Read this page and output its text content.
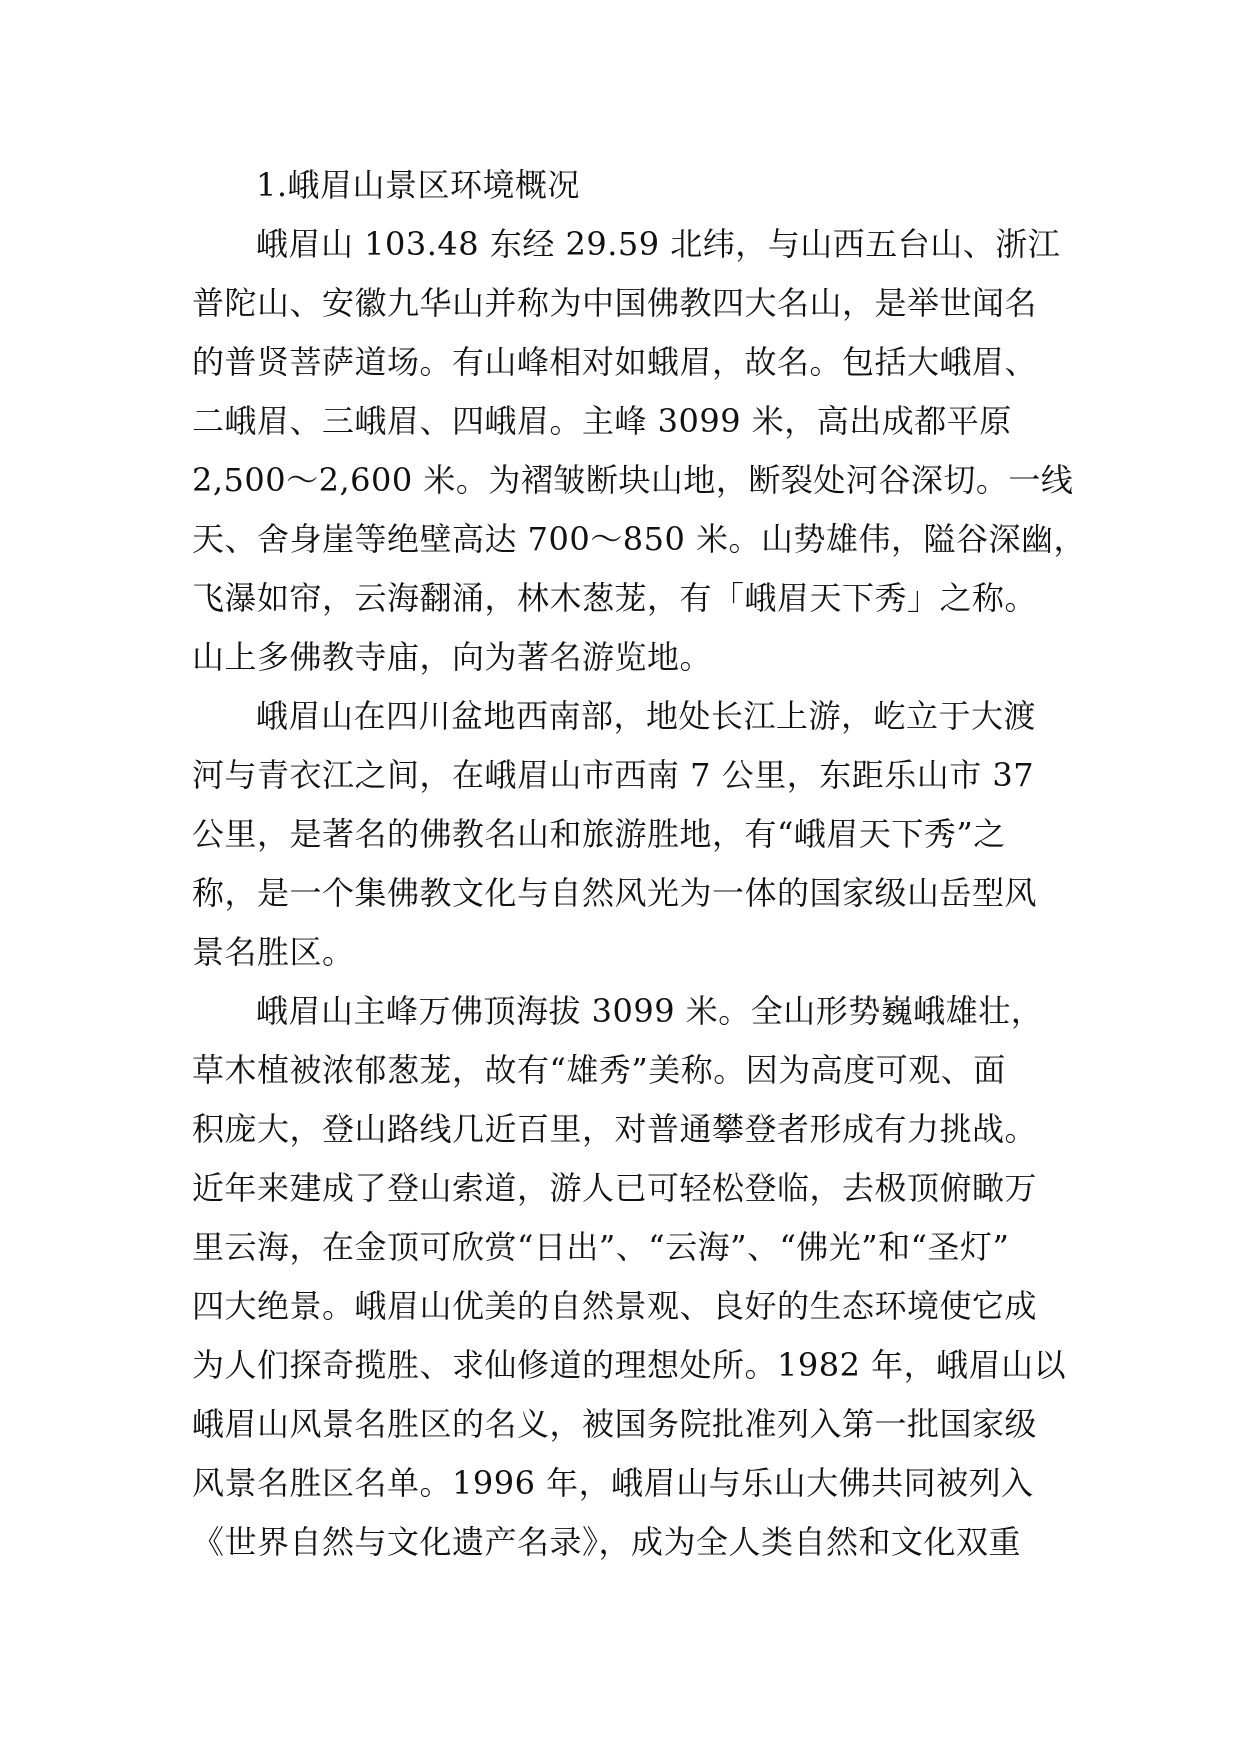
1.峨眉山景区环境概况
峨眉山 103.48 东经 29.59 北纬，与山西五台山、浙江
普陀山、安徽九华山并称为中国佛教四大名山，是举世闻名
的普贤菩萨道场。有山峰相对如蛾眉，故名。包括大峨眉、
二峨眉、三峨眉、四峨眉。主峰 3099 米，高出成都平原
2,500～2,600 米。为褶皱断块山地，断裂处河谷深切。一线
天、舍身崖等绝壁高达 700～850 米。山势雄伟，隘谷深幽，
飞瀑如帘，云海翻涌，林木葱茏，有「峨眉天下秀」之称。
山上多佛教寺庙，向为著名游览地。
峨眉山在四川盆地西南部，地处长江上游，屹立于大渡
河与青衣江之间，在峨眉山市西南 7 公里，东距乐山市 37
公里，是著名的佛教名山和旅游胜地，有“峨眉天下秀”之
称，是一个集佛教文化与自然风光为一体的国家级山岳型风
景名胜区。
峨眉山主峰万佛顶海拔 3099 米。全山形势巍峨雄壮，
草木植被浓郁葱茏，故有“雄秀”美称。因为高度可观、面
积庞大，登山路线几近百里，对普通攀登者形成有力挑战。
近年来建成了登山索道，游人已可轻松登临，去极顶俯瞰万
里云海，在金顶可欣赏“日出”、“云海”、“佛光”和“圣灯”
四大绝景。峨眉山优美的自然景观、良好的生态环境使它成
为人们探奇揽胜、求仙修道的理想处所。1982 年，峨眉山以
峨眉山风景名胜区的名义，被国务院批准列入第一批国家级
风景名胜区名单。1996 年，峨眉山与乐山大佛共同被列入
《世界自然与文化遗产名录》，成为全人类自然和文化双重
